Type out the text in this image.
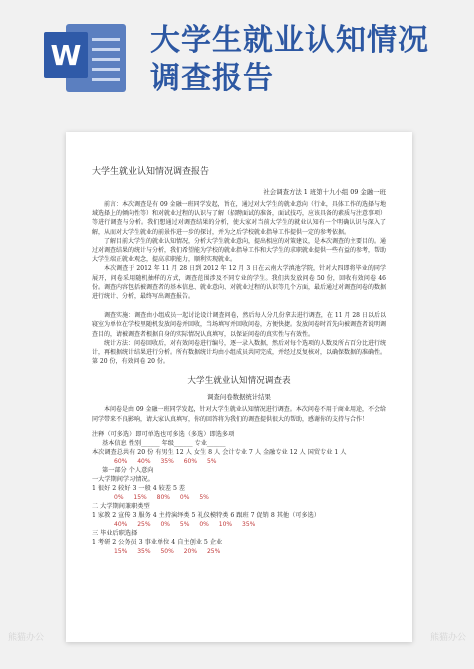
W 大学生就业认知情况调查报告
大学生就业认知情况调查报告
社会调查方法 1 班第十九小组 09 金融一班
前言：本次调查是有 09 金融一班同学发起，旨在，通过对大学生的就业意向（行业，具体工作的选择与地域选择上的倾向性等）和对就业过程的认识与了解（招聘面试的准备，面试技巧，应该具备的素质与注意事项）等进行调查与分析。我们想通过对调查结果的分析，使大家对当前大学生的就业认知有一个明确认识与深入了解，从而对大学生就业的前景作进一步的探讨，并为之后学校就业指导工作提供一定的参考依据。
了解目前大学生的就业认知情况，分析大学生就业意向，提出相应的对策建议，是本次调查的主要目的。通过对调查结果的统计与分析，我们希望能为学校的就业指导工作和大学生的求职就业提供一些有益的参考，帮助大学生端正就业观念，提高求职能力，顺利实现就业。
本次调查于 2012 年 11 月 28 日到 2012 年 12 月 3 日在云南大学滇池学院，针对大四即将毕业的同学展开，问卷采用随机抽样的方式，调查范围涉及不同专业的学生。我们共发放问卷 50 份，回收有效问卷 46 份。调查内容包括被调查者的基本信息、就业意向、对就业过程的认识等几个方面，最后通过对调查问卷的数据进行统计、分析，最终写出调查报告。
调查实施：调查由小组成员一起讨论设计调查问卷，然后每人分几份拿去进行调查，在 11 月 28 日以后以寝室为单位在学校里随机发放问卷并回收，当场填写并回收问卷，方便快捷。发放问卷时首先向被调查者说明调查目的，请被调查者根据自身的实际情况认真填写，以保证问卷的真实性与有效性。
统计方法：问卷回收后，对有效问卷进行编号，逐一录入数据，然后对每个选项的人数及所占百分比进行统计，再根据统计结果进行分析。所有数据统计均由小组成员共同完成，并经过反复核对，以确保数据的准确性。第 20 份，有效问卷 20 份。
大学生就业认知情况调查表
调查问卷数据统计结果
本问卷是由 09 金融一班同学发起，针对大学生就业认知情况进行调查。本次问卷不用于商业用途，不会给同学带来不良影响，请大家认真填写，你的回答将为我们的调查提供很大的帮助，感谢你的支持与合作！
注释（可多选）即可单选也可多选（多选）即选多项
基本信息 性别______ 年级______ 专业______
本次调查总共有 20 份 有男生 12 人 女生 8 人 会计专业 7 人 金融专业 12 人 国贸专业 1 人
60% 40% 35% 60% 5%
第一部分 个人意向
一大学期间学习情况。
1 很好 2 较好 3 一般 4 较差 5 差
0% 15% 80% 0% 5%
二 大学期间兼职类型
1 家教 2 宣传 3 服务 4 主持演绎类 5 礼仪模特类 6 跟班 7 促销 8 其他（可多选）
40% 25% 0% 5% 0% 10% 35%
三 毕业后职选择
1 考研 2 公务员 3 事业单位 4 自主创业 5 企业
15% 35% 50% 20% 25%
熊猫办公	熊猫办公
